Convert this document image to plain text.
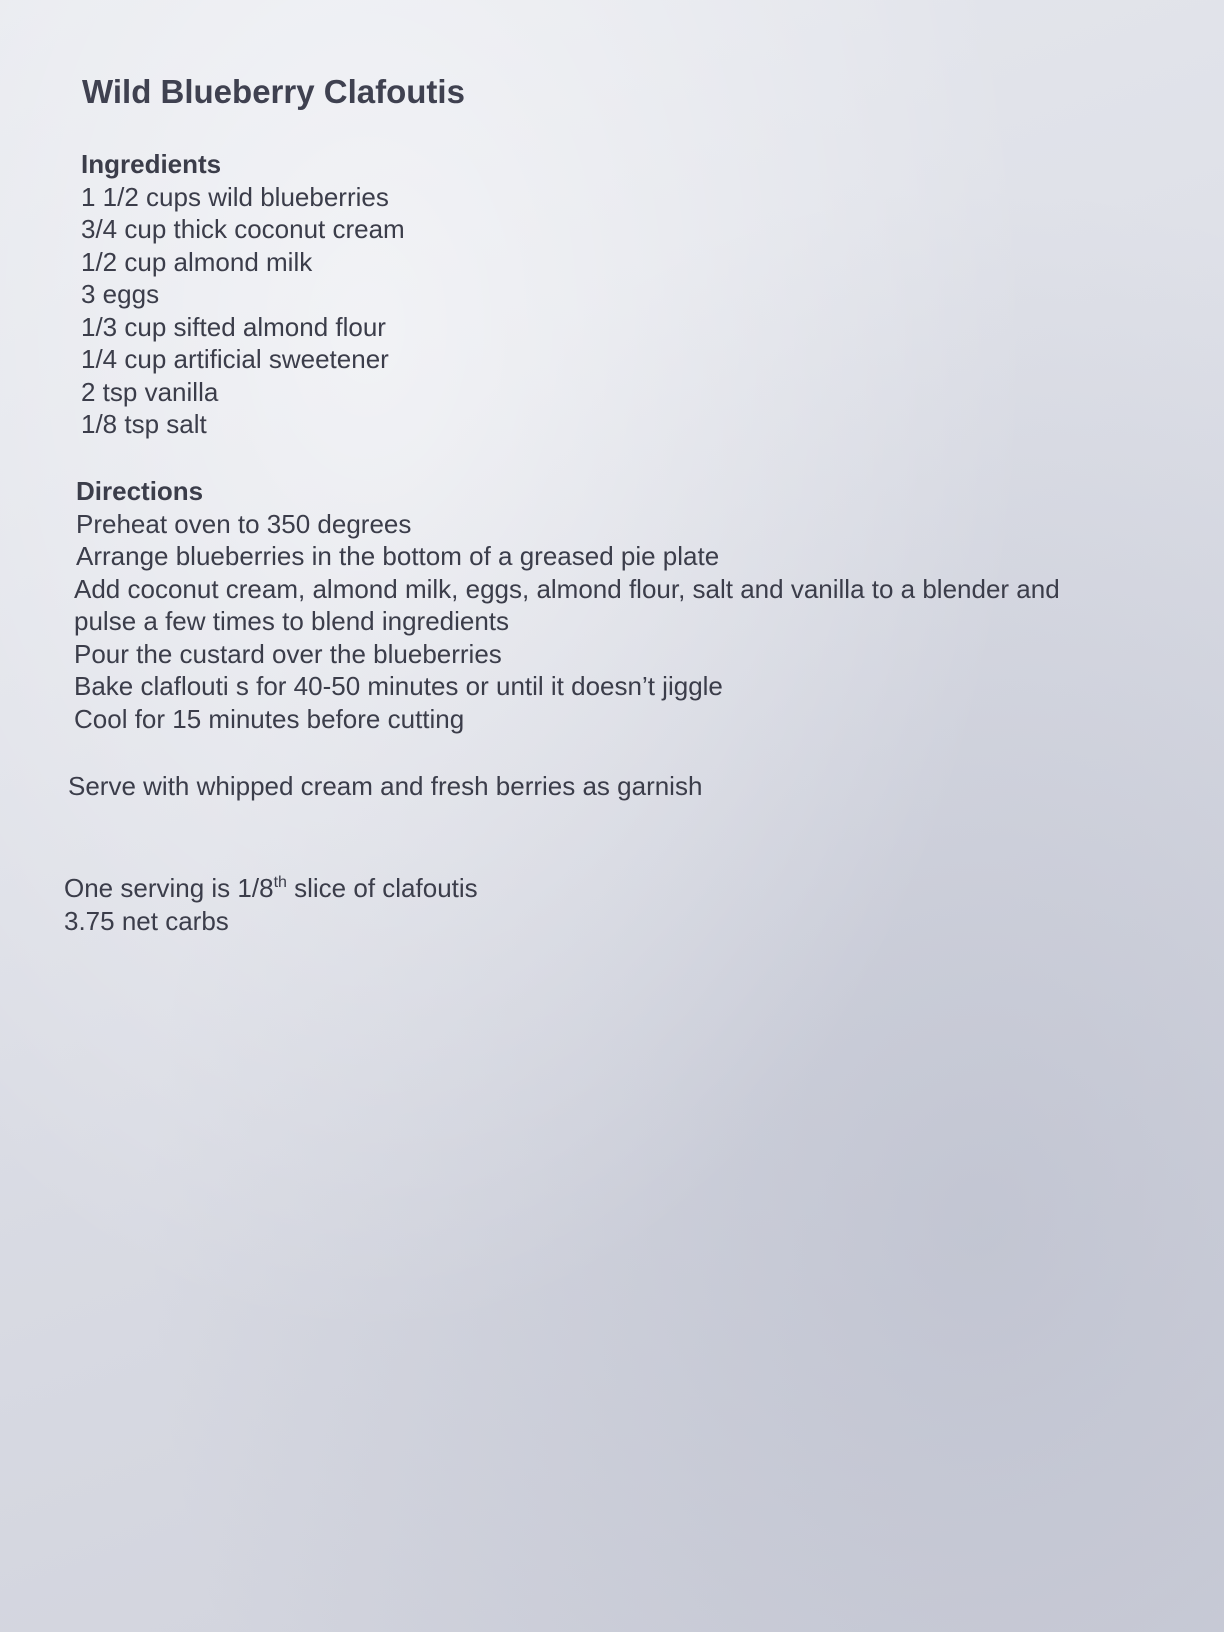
Wild Blueberry Clafoutis

Ingredients

1 1/2 cups wild blueberries
3/4 cup thick coconut cream
1/2 cup almond milk
3 eggs
1/3 cup sifted almond flour
1/4 cup artificial sweetener
2 tsp vanilla
1/8 tsp salt

Directions

Preheat oven to 350 degrees
Arrange blueberries in the bottom of a greased pie plate
Add coconut cream, almond milk, eggs, almond flour, salt and vanilla to a blender and
pulse a few times to blend ingredients
Pour the custard over the blueberries
Bake claflouti s for 40-50 minutes or until it doesn’t jiggle
Cool for 15 minutes before cutting

Serve with whipped cream and fresh berries as garnish

One serving is 1/8th slice of clafoutis
3.75 net carbs
